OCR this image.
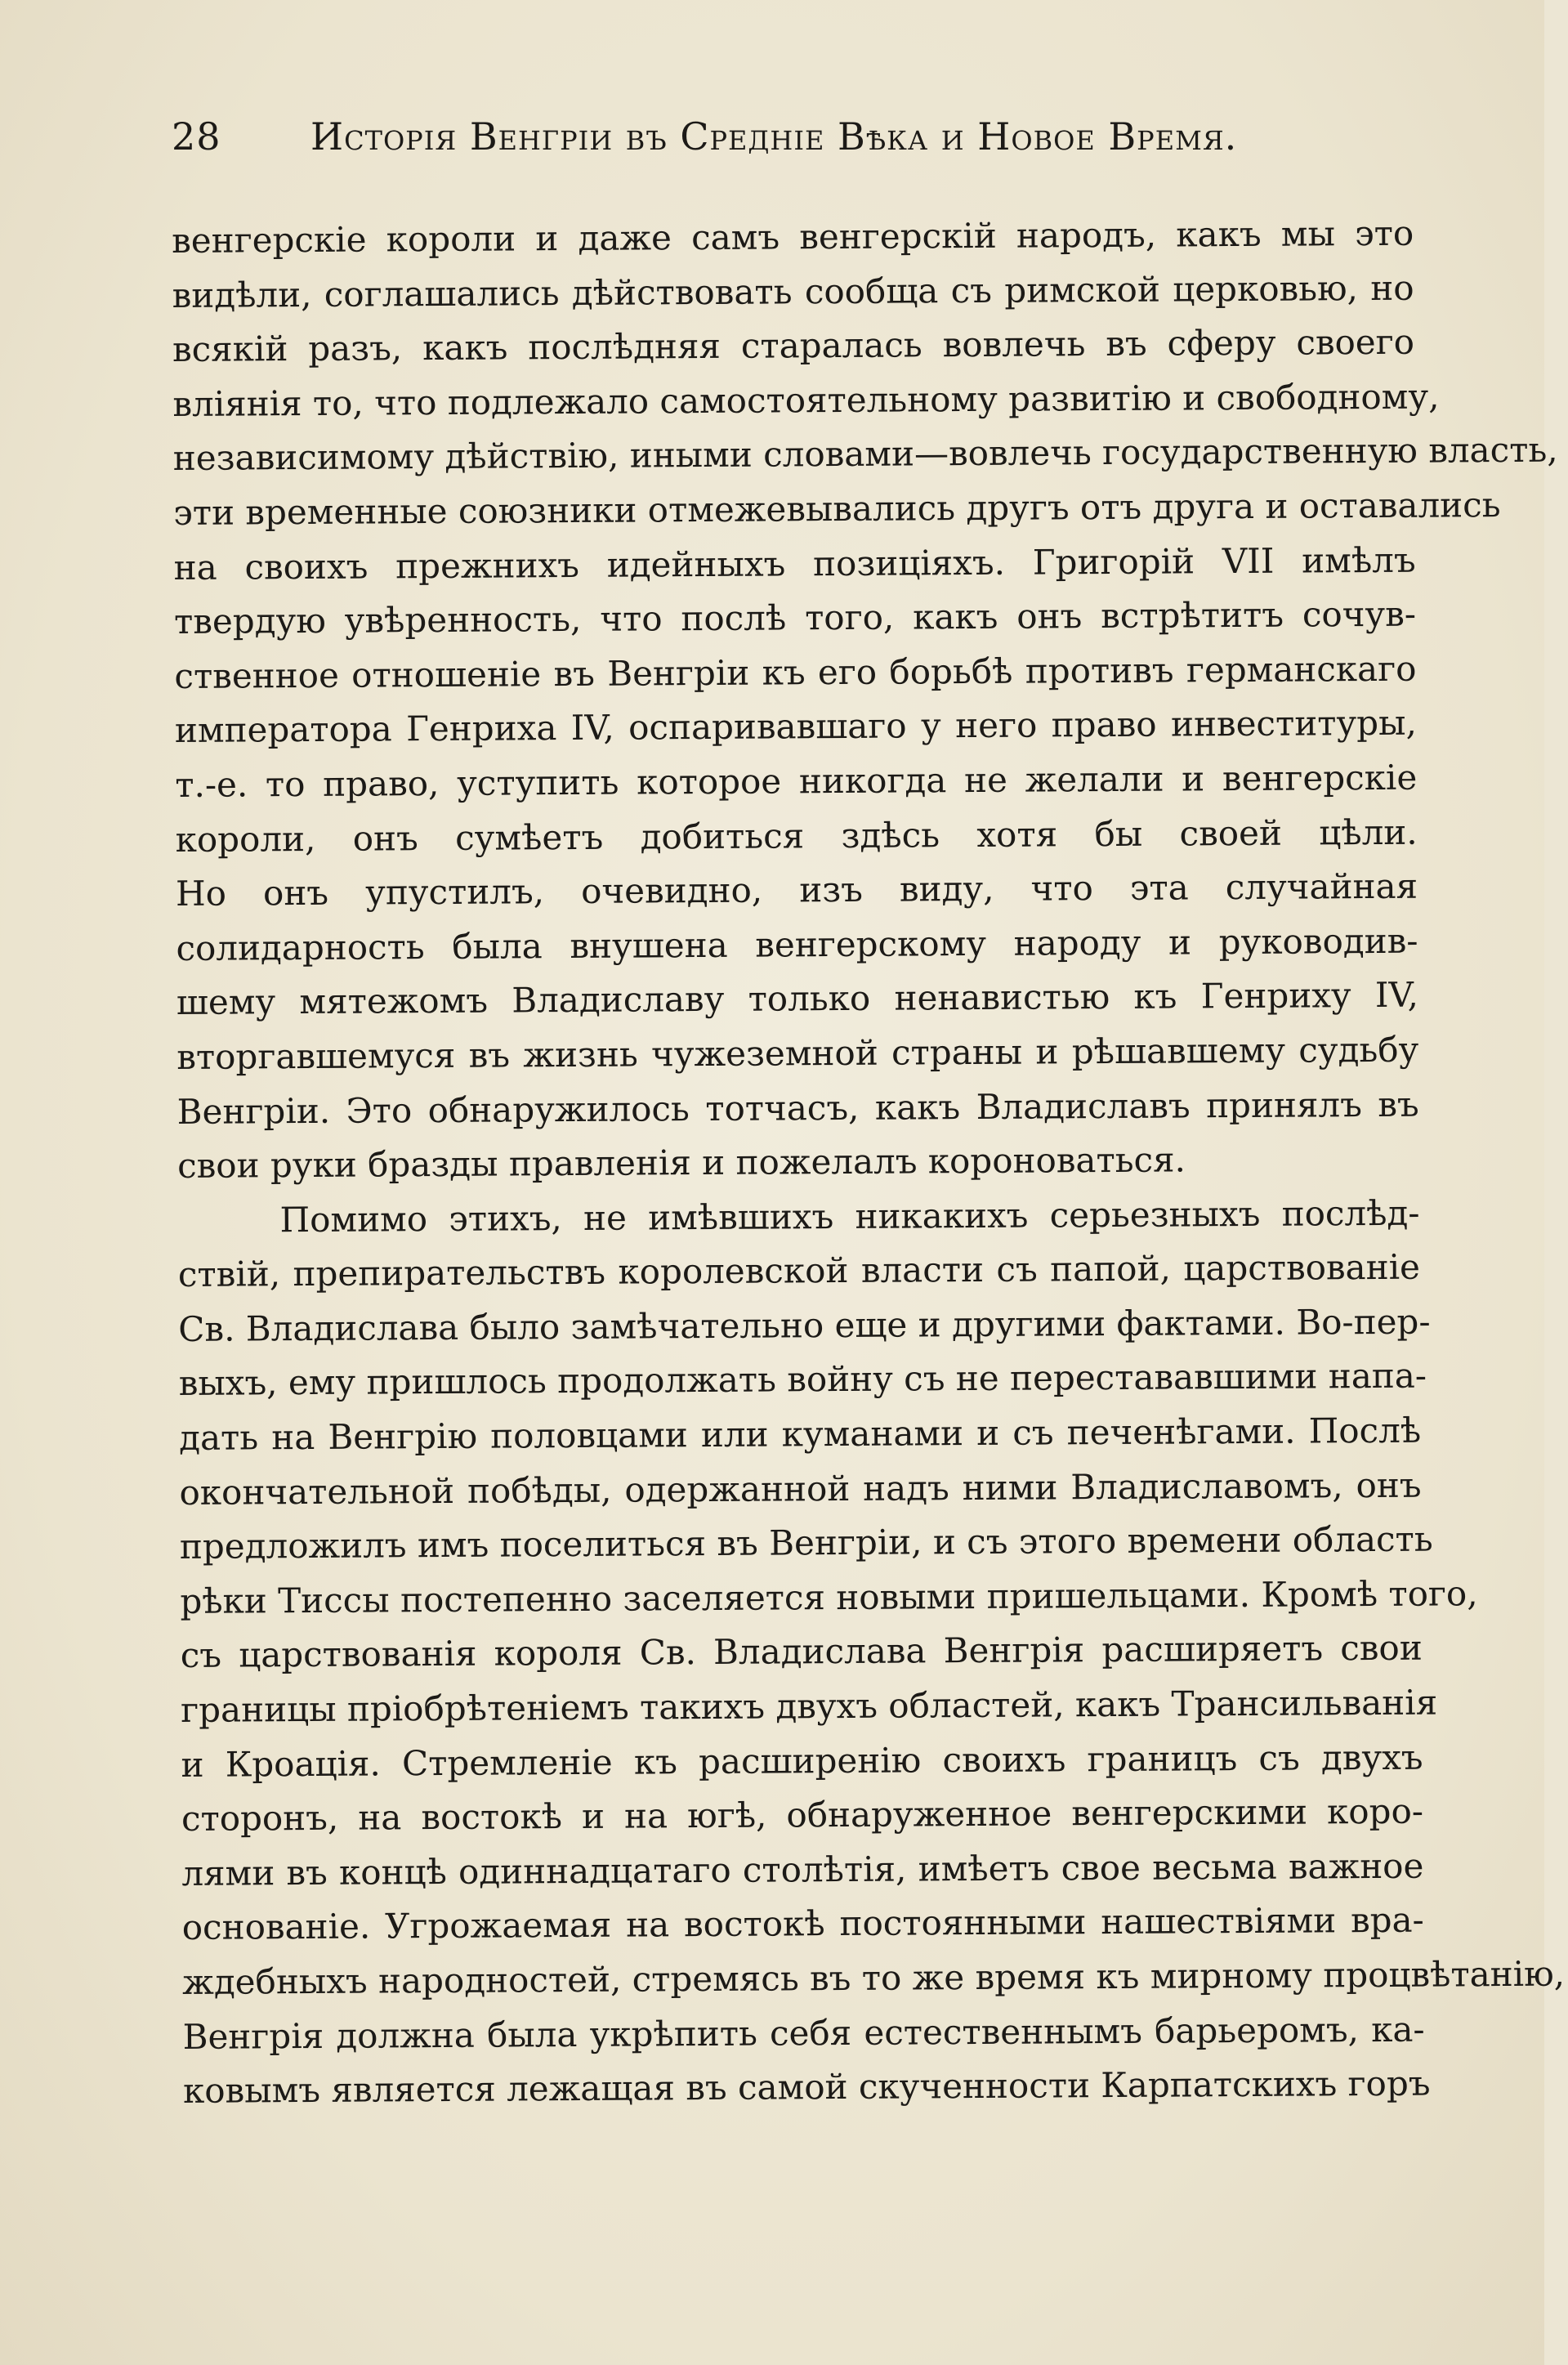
28 Исторія Венгріи въ Средніе Вѣка и Новое Время.
венгерскіе короли и даже самъ венгерскій народъ, какъ мы это
видѣли, соглашались дѣйствовать сообща съ римской церковью, но
всякій разъ, какъ послѣдняя старалась вовлечь въ сферу своего
вліянія то, что подлежало самостоятельному развитію и свободному,
независимому дѣйствію, иными словами—вовлечь государственную власть,
эти временные союзники отмежевывались другъ отъ друга и оставались
на своихъ прежнихъ идейныхъ позиціяхъ. Григорій VII имѣлъ
твердую увѣренность, что послѣ того, какъ онъ встрѣтитъ сочув-
ственное отношеніе въ Венгріи къ его борьбѣ противъ германскаго
императора Генриха IV, оспаривавшаго у него право инвеституры,
т.-е. то право, уступить которое никогда не желали и венгерскіе
короли, онъ сумѣетъ добиться здѣсь хотя бы своей цѣли.
Но онъ упустилъ, очевидно, изъ виду, что эта случайная
солидарность была внушена венгерскому народу и руководив-
шему мятежомъ Владиславу только ненавистью къ Генриху IV,
вторгавшемуся въ жизнь чужеземной страны и рѣшавшему судьбу
Венгріи. Это обнаружилось тотчасъ, какъ Владиславъ принялъ въ
свои руки бразды правленія и пожелалъ короноваться.
Помимо этихъ, не имѣвшихъ никакихъ серьезныхъ послѣд-
ствій, препирательствъ королевской власти съ папой, царствованіе
Св. Владислава было замѣчательно еще и другими фактами. Во-пер-
выхъ, ему пришлось продолжать войну съ не перестававшими напа-
дать на Венгрію половцами или куманами и съ печенѣгами. Послѣ
окончательной побѣды, одержанной надъ ними Владиславомъ, онъ
предложилъ имъ поселиться въ Венгріи, и съ этого времени область
рѣки Тиссы постепенно заселяется новыми пришельцами. Кромѣ того,
съ царствованія короля Св. Владислава Венгрія расширяетъ свои
границы пріобрѣтеніемъ такихъ двухъ областей, какъ Трансильванія
и Кроація. Стремленіе къ расширенію своихъ границъ съ двухъ
сторонъ, на востокѣ и на югѣ, обнаруженное венгерскими коро-
лями въ концѣ одиннадцатаго столѣтія, имѣетъ свое весьма важное
основаніе. Угрожаемая на востокѣ постоянными нашествіями вра-
ждебныхъ народностей, стремясь въ то же время къ мирному процвѣтанію,
Венгрія должна была укрѣпить себя естественнымъ барьеромъ, ка-
ковымъ является лежащая въ самой скученности Карпатскихъ горъ
